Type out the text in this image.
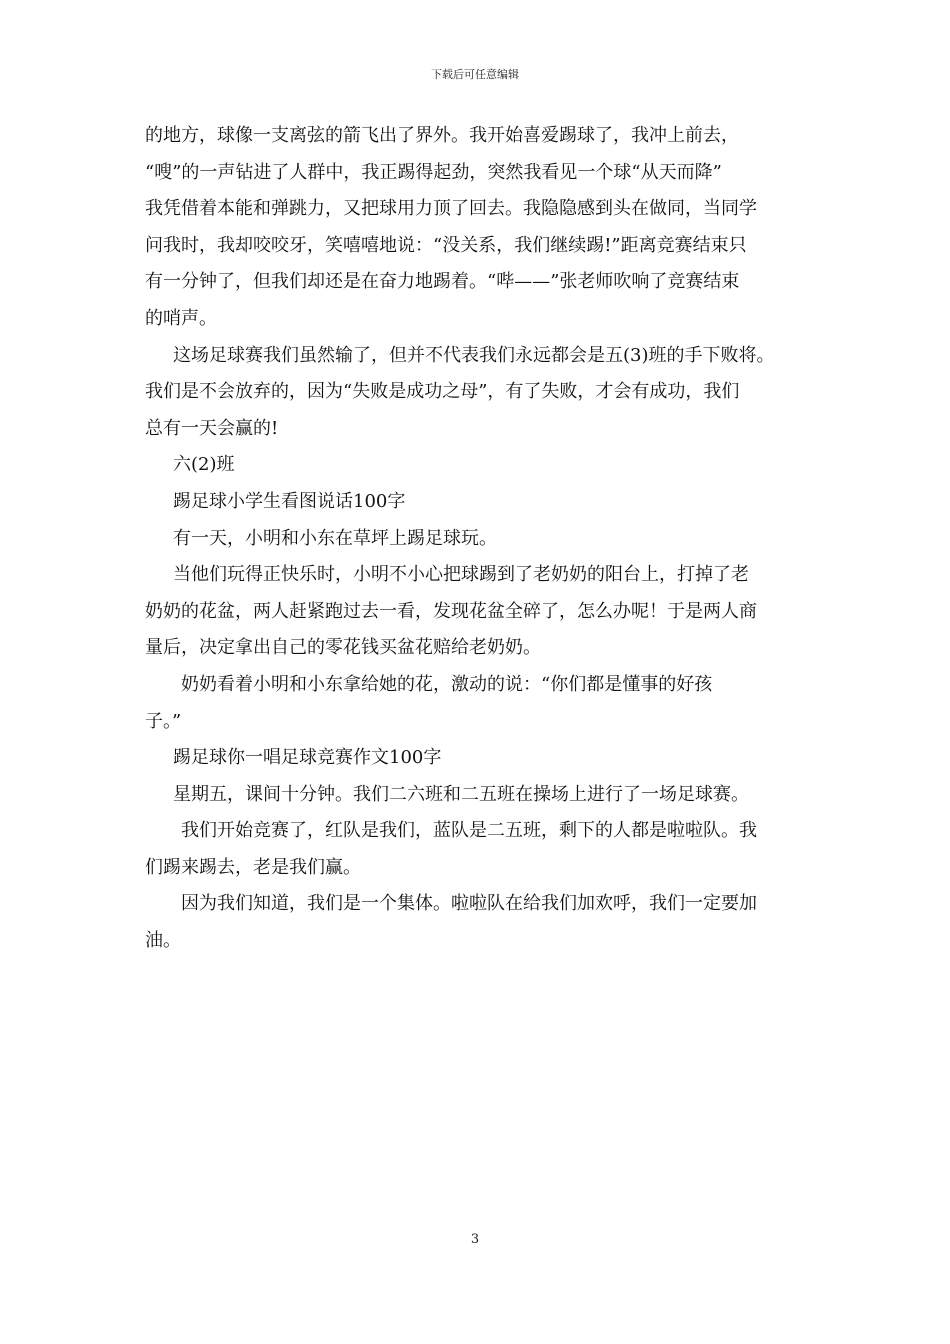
下载后可任意编辑
的地方，球像一支离弦的箭飞出了界外。我开始喜爱踢球了，我冲上前去，
“嗖”的一声钻进了人群中，我正踢得起劲，突然我看见一个球“从天而降”
我凭借着本能和弹跳力，又把球用力顶了回去。我隐隐感到头在做同，当同学
问我时，我却咬咬牙，笑嘻嘻地说：“没关系，我们继续踢!”距离竞赛结束只
有一分钟了，但我们却还是在奋力地踢着。“哔——”张老师吹响了竞赛结束
的哨声。
这场足球赛我们虽然输了，但并不代表我们永远都会是五(3)班的手下败将。
我们是不会放弃的，因为“失败是成功之母”，有了失败，才会有成功，我们
总有一天会赢的!
六(2)班
踢足球小学生看图说话100字
有一天，小明和小东在草坪上踢足球玩。
当他们玩得正快乐时，小明不小心把球踢到了老奶奶的阳台上，打掉了老
奶奶的花盆，两人赶紧跑过去一看，发现花盆全碎了，怎么办呢！于是两人商
量后，决定拿出自己的零花钱买盆花赔给老奶奶。
奶奶看着小明和小东拿给她的花，激动的说：“你们都是懂事的好孩
子。”
踢足球你一唱足球竞赛作文100字
星期五，课间十分钟。我们二六班和二五班在操场上进行了一场足球赛。
我们开始竞赛了，红队是我们，蓝队是二五班，剩下的人都是啦啦队。我
们踢来踢去，老是我们赢。
因为我们知道，我们是一个集体。啦啦队在给我们加欢呼，我们一定要加
油。
3
